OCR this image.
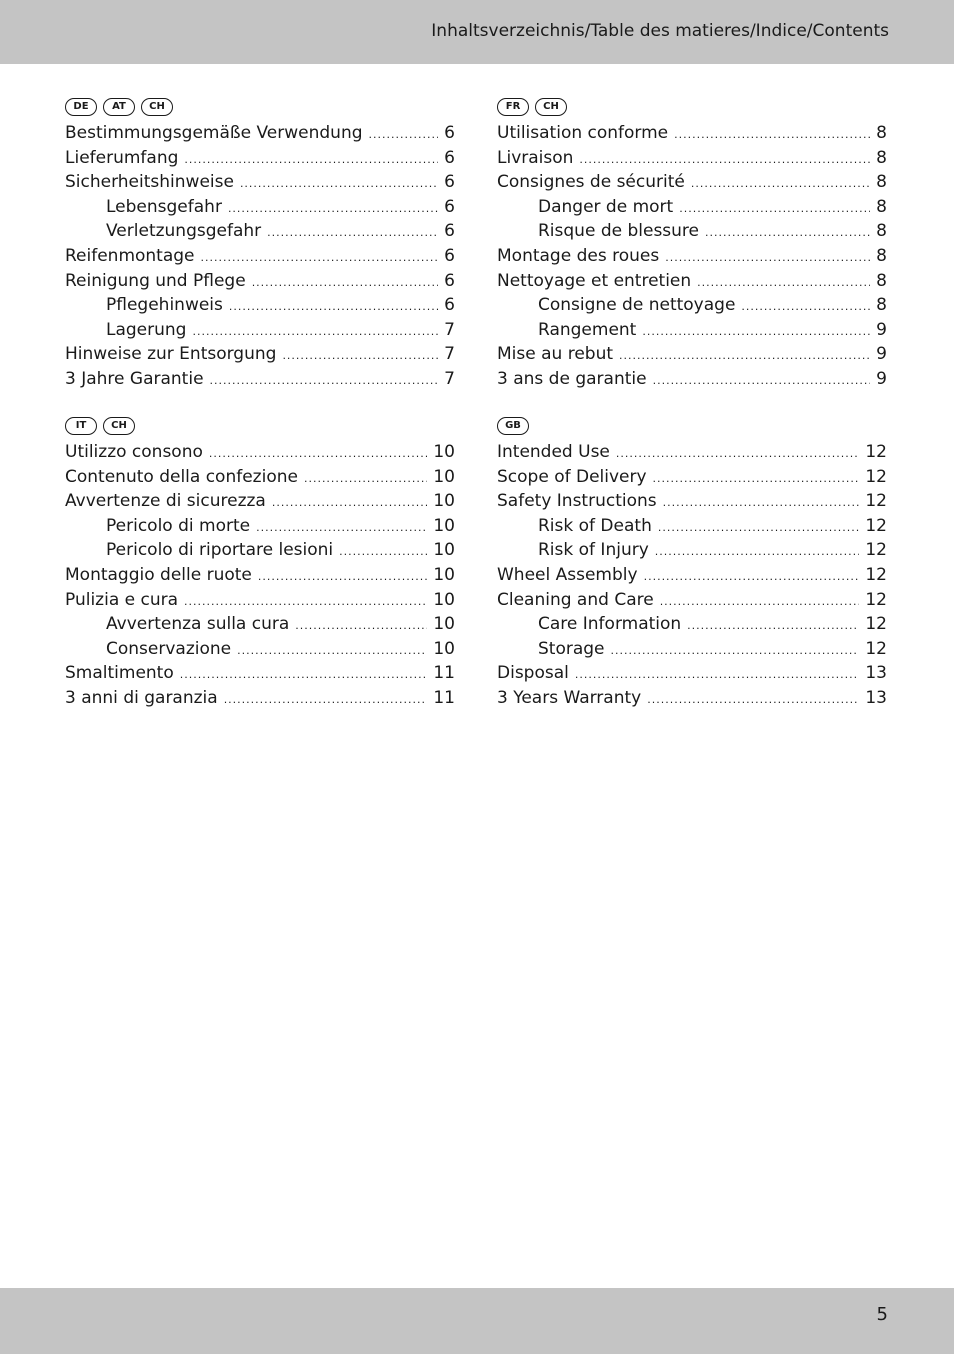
Inhaltsverzeichnis/Table des matieres/Indice/Contents
DE	AT	CH
Bestimmungsgemäße Verwendung .....	6
Lieferumfang .....	6
Sicherheitshinweise .....	6
Lebensgefahr .....	6
Verletzungsgefahr .....	6
Reifenmontage .....	6
Reinigung und Pflege .....	6
Pflegehinweis .....	6
Lagerung .....	7
Hinweise zur Entsorgung .....	7
3 Jahre Garantie .....	7
FR	CH
Utilisation conforme .....	8
Livraison .....	8
Consignes de sécurité .....	8
Danger de mort .....	8
Risque de blessure .....	8
Montage des roues .....	8
Nettoyage et entretien .....	8
Consigne de nettoyage .....	8
Rangement .....	9
Mise au rebut .....	9
3 ans de garantie .....	9
IT	CH
Utilizzo consono .....	10
Contenuto della confezione .....	10
Avvertenze di sicurezza .....	10
Pericolo di morte .....	10
Pericolo di riportare lesioni .....	10
Montaggio delle ruote .....	10
Pulizia e cura .....	10
Avvertenza sulla cura .....	10
Conservazione .....	10
Smaltimento .....	11
3 anni di garanzia .....	11
GB
Intended Use .....	12
Scope of Delivery .....	12
Safety Instructions .....	12
Risk of Death .....	12
Risk of Injury .....	12
Wheel Assembly .....	12
Cleaning and Care .....	12
Care Information .....	12
Storage .....	12
Disposal .....	13
3 Years Warranty .....	13
5
